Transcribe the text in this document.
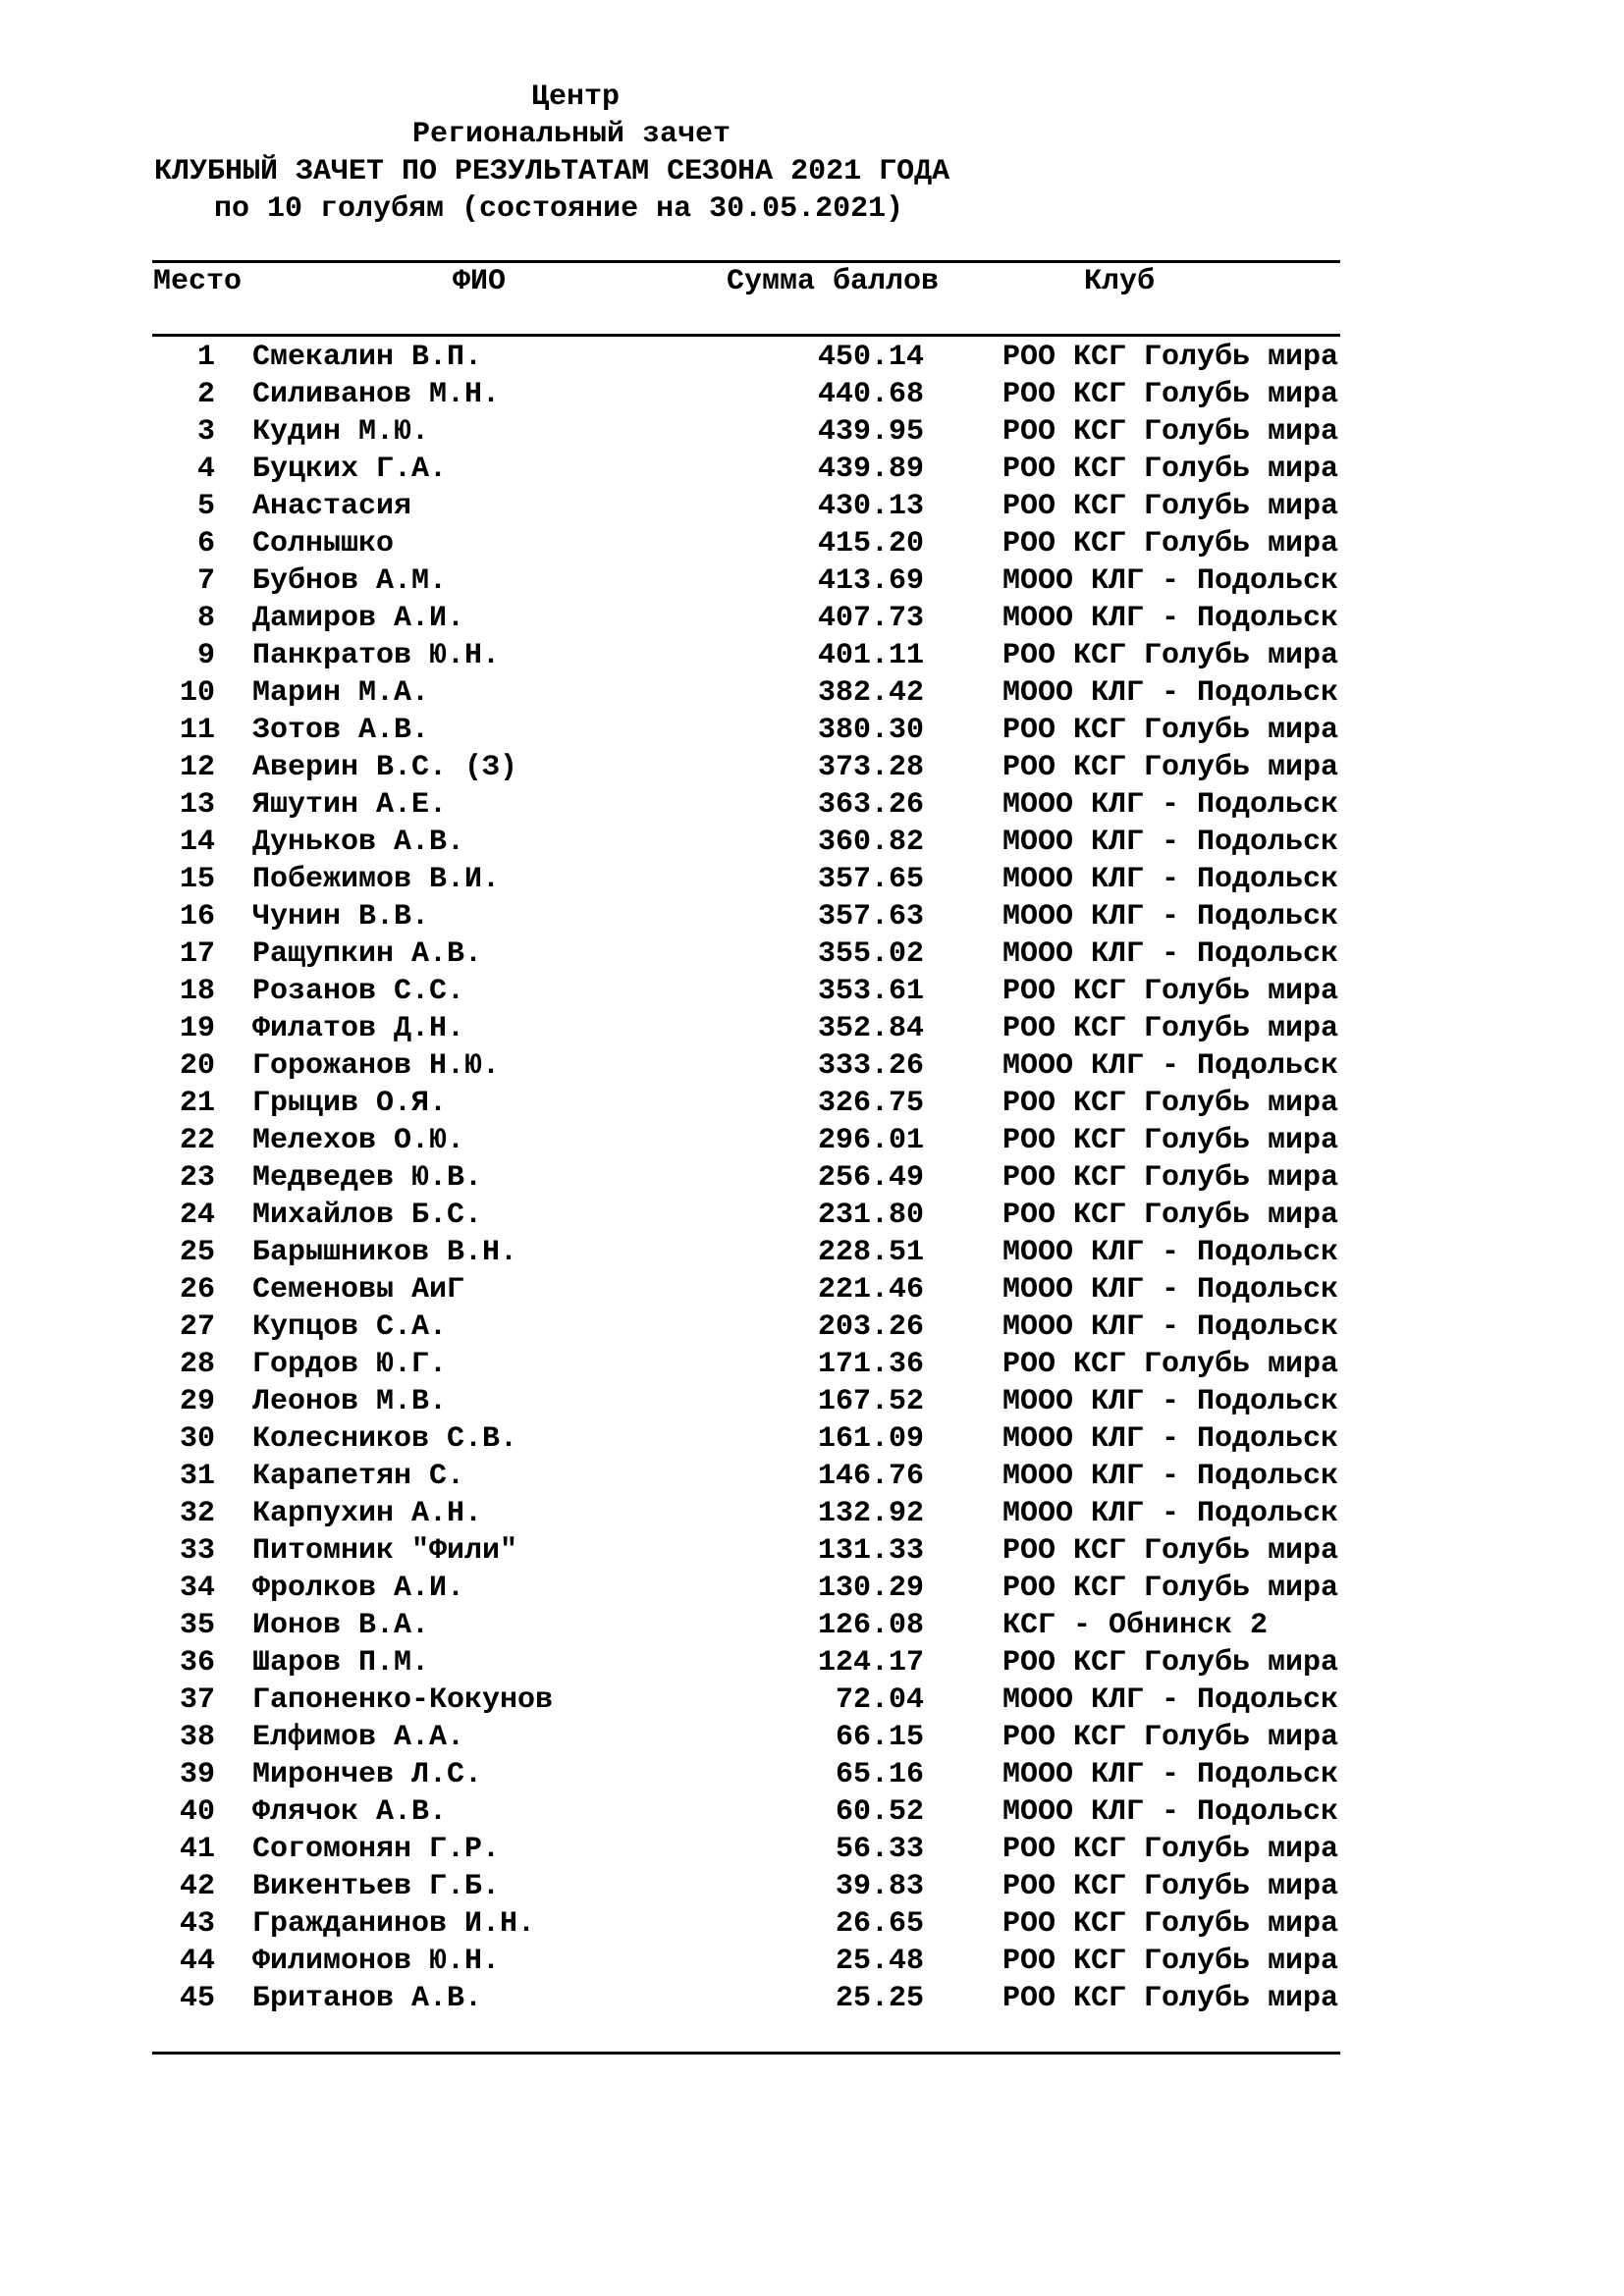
Центр
Региональный зачет
КЛУБНЫЙ ЗАЧЕТ ПО РЕЗУЛЬТАТАМ СЕЗОНА 2021 ГОДА
по 10 голубям (состояние на 30.05.2021)
Место	ФИО	Сумма баллов	Клуб
1 Смекалин В.П.	450.14	РОО КСГ Голубь мира
2 Силиванов М.Н.	440.68	РОО КСГ Голубь мира
3 Кудин М.Ю.	439.95	РОО КСГ Голубь мира
4 Буцких Г.А.	439.89	РОО КСГ Голубь мира
5 Анастасия	430.13	РОО КСГ Голубь мира
6 Солнышко	415.20	РОО КСГ Голубь мира
7 Бубнов А.М.	413.69	МООО КЛГ - Подольск
8 Дамиров А.И.	407.73	МООО КЛГ - Подольск
9 Панкратов Ю.Н.	401.11	РОО КСГ Голубь мира
10 Марин М.А.	382.42	МООО КЛГ - Подольск
11 Зотов А.В.	380.30	РОО КСГ Голубь мира
12 Аверин В.С. (З)	373.28	РОО КСГ Голубь мира
13 Яшутин А.Е.	363.26	МООО КЛГ - Подольск
14 Дуньков А.В.	360.82	МООО КЛГ - Подольск
15 Побежимов В.И.	357.65	МООО КЛГ - Подольск
16 Чунин В.В.	357.63	МООО КЛГ - Подольск
17 Ращупкин А.В.	355.02	МООО КЛГ - Подольск
18 Розанов С.С.	353.61	РОО КСГ Голубь мира
19 Филатов Д.Н.	352.84	РОО КСГ Голубь мира
20 Горожанов Н.Ю.	333.26	МООО КЛГ - Подольск
21 Грыцив О.Я.	326.75	РОО КСГ Голубь мира
22 Мелехов О.Ю.	296.01	РОО КСГ Голубь мира
23 Медведев Ю.В.	256.49	РОО КСГ Голубь мира
24 Михайлов Б.С.	231.80	РОО КСГ Голубь мира
25 Барышников В.Н.	228.51	МООО КЛГ - Подольск
26 Семеновы АиГ	221.46	МООО КЛГ - Подольск
27 Купцов С.А.	203.26	МООО КЛГ - Подольск
28 Гордов Ю.Г.	171.36	РОО КСГ Голубь мира
29 Леонов М.В.	167.52	МООО КЛГ - Подольск
30 Колесников С.В.	161.09	МООО КЛГ - Подольск
31 Карапетян С.	146.76	МООО КЛГ - Подольск
32 Карпухин А.Н.	132.92	МООО КЛГ - Подольск
33 Питомник "Фили"	131.33	РОО КСГ Голубь мира
34 Фролков А.И.	130.29	РОО КСГ Голубь мира
35 Ионов В.А.	126.08	КСГ - Обнинск 2
36 Шаров П.М.	124.17	РОО КСГ Голубь мира
37 Гапоненко-Кокунов	72.04	МООО КЛГ - Подольск
38 Елфимов А.А.	66.15	РОО КСГ Голубь мира
39 Мирончев Л.С.	65.16	МООО КЛГ - Подольск
40 Флячок А.В.	60.52	МООО КЛГ - Подольск
41 Согомонян Г.Р.	56.33	РОО КСГ Голубь мира
42 Викентьев Г.Б.	39.83	РОО КСГ Голубь мира
43 Гражданинов И.Н.	26.65	РОО КСГ Голубь мира
44 Филимонов Ю.Н.	25.48	РОО КСГ Голубь мира
45 Британов А.В.	25.25	РОО КСГ Голубь мира
